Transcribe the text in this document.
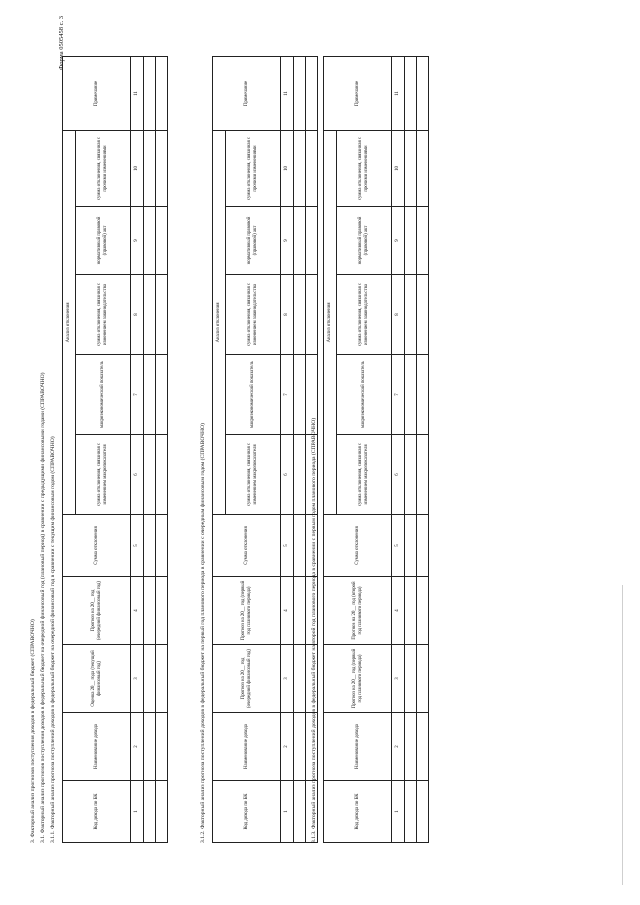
Форма 0505458 с. 3
3. Факторный анализ прогнозов поступления доходов в федеральный бюджет (СПРАВОЧНО) 3.1. Факторный анализ прогнозов поступления доходов в федеральный бюджет на очередной финансовый год (плановый период) в сравнении с предыдущими финансовыми годами (СПРАВОЧНО) 3.1.1. Факторный анализ прогноза поступлений доходов в федеральный бюджет на очередной финансовый год в сравнении с текущим финансовым годом (СПРАВОЧНО)	Код дохода по БК	Наименование дохода	Оценка 20__ года (текущий финансовый год)	Прогноз на 20__ год (очередной финансовый год)	Сумма отклонения	Анализ отклонения					Примечание
					сумма отклонения, связанная с изменением макропоказателя	макроэкономический показатель	сумма отклонения, связанная с изменением законодательства	нормативный правовой (правовой) акт	сумма отклонения, связанная с прочими изменениями	
1	2	3	4	5	6	7	8	9	10	11

3.1.2. Факторный анализ прогноза поступлений доходов в федеральный бюджет на первый год планового периода в сравнении с очередным финансовым годом (СПРАВОЧНО)	Код дохода по БК	Наименование дохода	Прогноз на 20__ год (очередной финансовый год)	Прогноз на 20__ год (первый год планового периода)	Сумма отклонения	Анализ отклонения					Примечание
					сумма отклонения, связанная с изменением макропоказателя	макроэкономический показатель	сумма отклонения, связанная с изменением законодательства	нормативный правовой (правовой) акт	сумма отклонения, связанная с прочими изменениями	
1	2	3	4	5	6	7	8	9	10	11

3.1.3. Факторный анализ прогноза поступлений доходов в федеральный бюджет на второй год планового периода в сравнении с первым годом планового периода (СПРАВОЧНО)	Код дохода по БК	Наименование дохода	Прогноз на 20__ год (первый год планового периода)	Прогноз на 20__ год (второй год планового периода)	Сумма отклонения	Анализ отклонения					Примечание
					сумма отклонения, связанная с изменением макропоказателя	макроэкономический показатель	сумма отклонения, связанная с изменением законодательства	нормативный правовой (правовой) акт	сумма отклонения, связанная с прочими изменениями	
1	2	3	4	5	6	7	8	9	10	11
